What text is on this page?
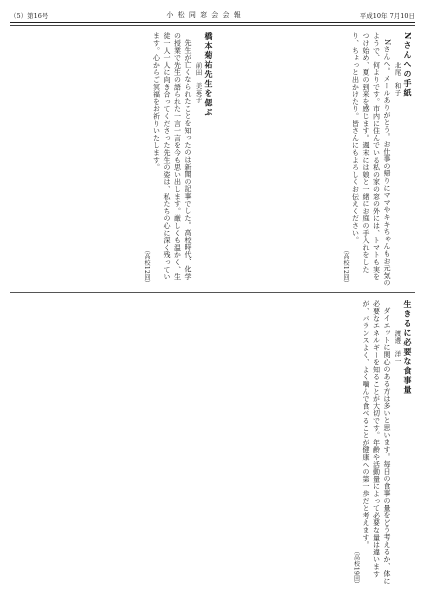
（5）第16号	小 松 同 窓 会 会 報	平成10年 7月10日
Nさんへの手紙
北尾　和子

Nさんへ。メールありがとう。お仕事の帰りにママやキキちゃんもお元気のようで、何よりです。市内に住んでいる私の家の窓の外には、トマトも実をつけ始め、夏の到来を感じます。週末には娘と一緒にお庭の手入れをしたり、ちょっと出かけたり。皆さんにもよろしくお伝えください。

（高校12回）
橋本菊祐先生を偲ぶ
前田　美英子

先生が亡くなられたことを知ったのは新聞の記事でした。高校時代、化学の授業で先生の語られた一言一言を今も思い出します。厳しくも温かく、生徒一人一人に向き合ってくださった先生の姿は、私たちの心に深く残っています。心からご冥福をお祈りいたします。

（高校12回）
生きるに必要な食事量
渡邊　洋一

ダイエットに関心のある方は多いと思います。毎日の食事の量をどう考えるか、体に必要なエネルギーを知ることが大切です。年齢や活動量によって必要な量は違いますが、バランスよく、よく噛んで食べることが健康への第一歩だと考えます。

（高校19回）
